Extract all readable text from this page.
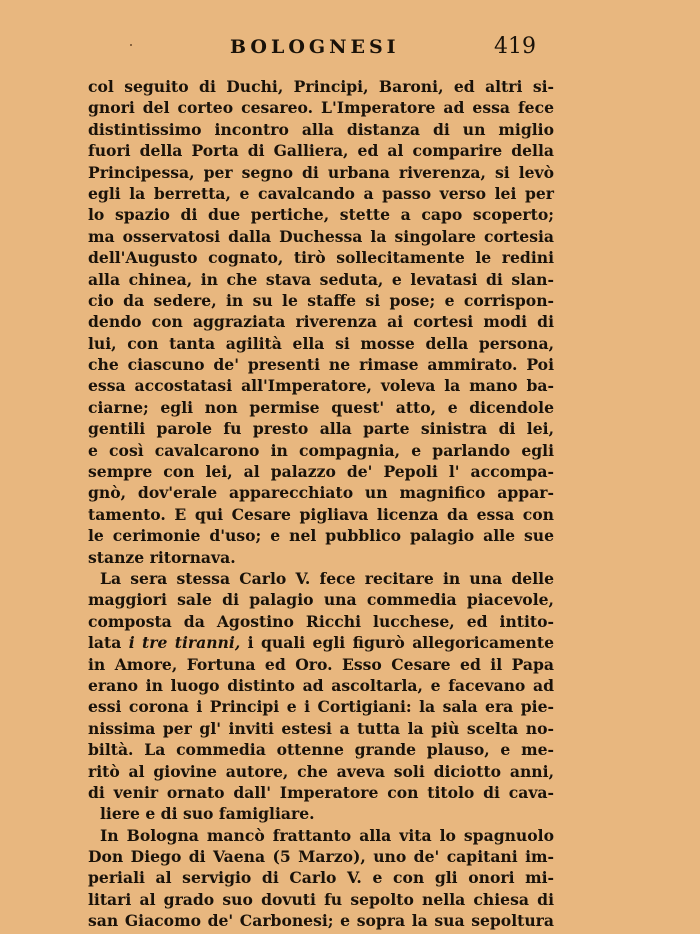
BOLOGNESI	419
col seguito di Duchi, Principi, Baroni, ed altri si-
gnori del corteo cesareo. L'Imperatore ad essa fece
distintissimo incontro alla distanza di un miglio
fuori della Porta di Galliera, ed al comparire della
Principessa, per segno di urbana riverenza, si levò
egli la berretta, e cavalcando a passo verso lei per
lo spazio di due pertiche, stette a capo scoperto;
ma osservatosi dalla Duchessa la singolare cortesia
dell'Augusto cognato, tirò sollecitamente le redini
alla chinea, in che stava seduta, e levatasi di slan-
cio da sedere, in su le staffe si pose; e corrispon-
dendo con aggraziata riverenza ai cortesi modi di
lui, con tanta agilità ella si mosse della persona,
che ciascuno de' presenti ne rimase ammirato. Poi
essa accostatasi all'Imperatore, voleva la mano ba-
ciarne; egli non permise quest' atto, e dicendole
gentili parole fu presto alla parte sinistra di lei,
e così cavalcarono in compagnia, e parlando egli
sempre con lei, al palazzo de' Pepoli l' accompa-
gnò, dov'erale apparecchiato un magnifico appar-
tamento. E qui Cesare pigliava licenza da essa con
le cerimonie d'uso; e nel pubblico palagio alle sue
stanze ritornava.
La sera stessa Carlo V. fece recitare in una delle
maggiori sale di palagio una commedia piacevole,
composta da Agostino Ricchi lucchese, ed intito-
lata i tre tiranni, i quali egli figurò allegoricamente
in Amore, Fortuna ed Oro. Esso Cesare ed il Papa
erano in luogo distinto ad ascoltarla, e facevano ad
essi corona i Principi e i Cortigiani: la sala era pie-
nissima per gl' inviti estesi a tutta la più scelta no-
biltà. La commedia ottenne grande plauso, e me-
ritò al giovine autore, che aveva soli diciotto anni,
di venir ornato dall' Imperatore con titolo di cava-
liere e di suo famigliare.
In Bologna mancò frattanto alla vita lo spagnuolo
Don Diego di Vaena (5 Marzo), uno de' capitani im-
periali al servigio di Carlo V. e con gli onori mi-
litari al grado suo dovuti fu sepolto nella chiesa di
san Giacomo de' Carbonesi; e sopra la sua sepoltura
